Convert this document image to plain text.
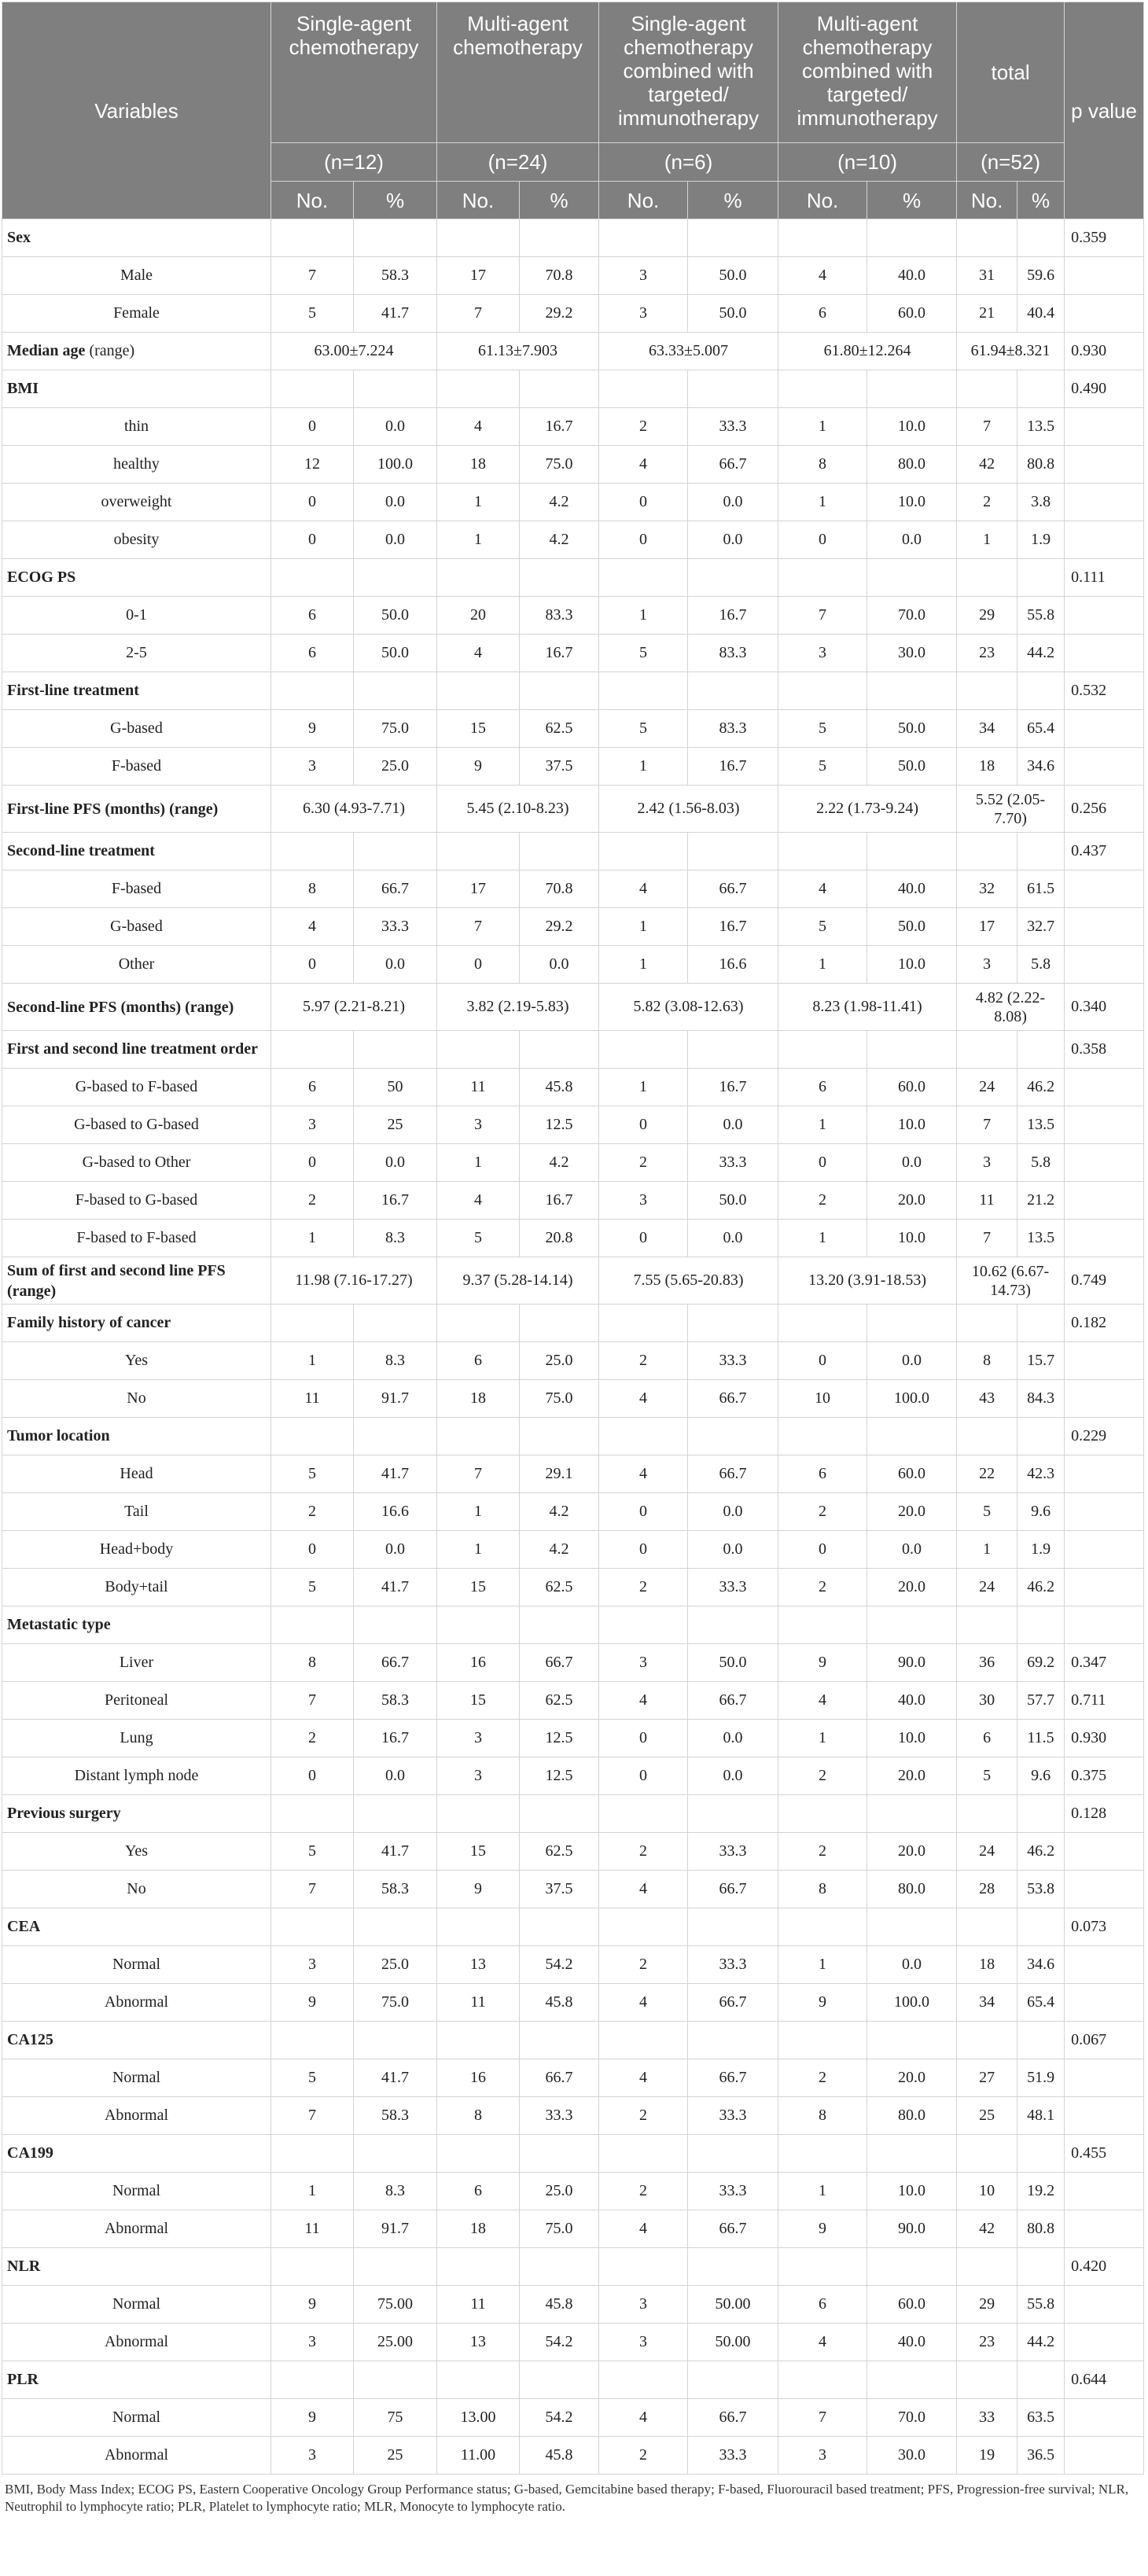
Variables	Single-agent chemotherapy		Multi-agent chemotherapy		Single-agent chemotherapy combined with targeted/ immunotherapy		Multi-agent chemotherapy combined with targeted/ immunotherapy		total		p value
	(n=12)		(n=24)		(n=6)		(n=10)		(n=52)		
	No.	%	No.	%	No.	%	No.	%	No.	%	
Sex											0.359
Male	7	58.3	17	70.8	3	50.0	4	40.0	31	59.6	
Female	5	41.7	7	29.2	3	50.0	6	60.0	21	40.4	
Median age (range)	63.00±7.224		61.13±7.903		63.33±5.007		61.80±12.264		61.94±8.321		0.930
BMI											0.490
thin	0	0.0	4	16.7	2	33.3	1	10.0	7	13.5	
healthy	12	100.0	18	75.0	4	66.7	8	80.0	42	80.8	
overweight	0	0.0	1	4.2	0	0.0	1	10.0	2	3.8	
obesity	0	0.0	1	4.2	0	0.0	0	0.0	1	1.9	
ECOG PS											0.111
0-1	6	50.0	20	83.3	1	16.7	7	70.0	29	55.8	
2-5	6	50.0	4	16.7	5	83.3	3	30.0	23	44.2	
First-line treatment											0.532
G-based	9	75.0	15	62.5	5	83.3	5	50.0	34	65.4	
F-based	3	25.0	9	37.5	1	16.7	5	50.0	18	34.6	
First-line PFS (months) (range)	6.30 (4.93-7.71)		5.45 (2.10-8.23)		2.42 (1.56-8.03)		2.22 (1.73-9.24)		5.52 (2.05-7.70)		0.256
Second-line treatment											0.437
F-based	8	66.7	17	70.8	4	66.7	4	40.0	32	61.5	
G-based	4	33.3	7	29.2	1	16.7	5	50.0	17	32.7	
Other	0	0.0	0	0.0	1	16.6	1	10.0	3	5.8	
Second-line PFS (months) (range)	5.97 (2.21-8.21)		3.82 (2.19-5.83)		5.82 (3.08-12.63)		8.23 (1.98-11.41)		4.82 (2.22-8.08)		0.340
First and second line treatment order											0.358
G-based to F-based	6	50	11	45.8	1	16.7	6	60.0	24	46.2	
G-based to G-based	3	25	3	12.5	0	0.0	1	10.0	7	13.5	
G-based to Other	0	0.0	1	4.2	2	33.3	0	0.0	3	5.8	
F-based to G-based	2	16.7	4	16.7	3	50.0	2	20.0	11	21.2	
F-based to F-based	1	8.3	5	20.8	0	0.0	1	10.0	7	13.5	
Sum of first and second line PFS (range)	11.98 (7.16-17.27)		9.37 (5.28-14.14)		7.55 (5.65-20.83)		13.20 (3.91-18.53)		10.62 (6.67-14.73)		0.749
Family history of cancer											0.182
Yes	1	8.3	6	25.0	2	33.3	0	0.0	8	15.7	
No	11	91.7	18	75.0	4	66.7	10	100.0	43	84.3	
Tumor location											0.229
Head	5	41.7	7	29.1	4	66.7	6	60.0	22	42.3	
Tail	2	16.6	1	4.2	0	0.0	2	20.0	5	9.6	
Head+body	0	0.0	1	4.2	0	0.0	0	0.0	1	1.9	
Body+tail	5	41.7	15	62.5	2	33.3	2	20.0	24	46.2	
Metastatic type											
Liver	8	66.7	16	66.7	3	50.0	9	90.0	36	69.2	0.347
Peritoneal	7	58.3	15	62.5	4	66.7	4	40.0	30	57.7	0.711
Lung	2	16.7	3	12.5	0	0.0	1	10.0	6	11.5	0.930
Distant lymph node	0	0.0	3	12.5	0	0.0	2	20.0	5	9.6	0.375
Previous surgery											0.128
Yes	5	41.7	15	62.5	2	33.3	2	20.0	24	46.2	
No	7	58.3	9	37.5	4	66.7	8	80.0	28	53.8	
CEA											0.073
Normal	3	25.0	13	54.2	2	33.3	1	0.0	18	34.6	
Abnormal	9	75.0	11	45.8	4	66.7	9	100.0	34	65.4	
CA125											0.067
Normal	5	41.7	16	66.7	4	66.7	2	20.0	27	51.9	
Abnormal	7	58.3	8	33.3	2	33.3	8	80.0	25	48.1	
CA199											0.455
Normal	1	8.3	6	25.0	2	33.3	1	10.0	10	19.2	
Abnormal	11	91.7	18	75.0	4	66.7	9	90.0	42	80.8	
NLR											0.420
Normal	9	75.00	11	45.8	3	50.00	6	60.0	29	55.8	
Abnormal	3	25.00	13	54.2	3	50.00	4	40.0	23	44.2	
PLR											0.644
Normal	9	75	13.00	54.2	4	66.7	7	70.0	33	63.5	
Abnormal	3	25	11.00	45.8	2	33.3	3	30.0	19	36.5	
BMI, Body Mass Index; ECOG PS, Eastern Cooperative Oncology Group Performance status; G-based, Gemcitabine based therapy; F-based, Fluorouracil based treatment; PFS, Progression-free survival; NLR, Neutrophil to lymphocyte ratio; PLR, Platelet to lymphocyte ratio; MLR, Monocyte to lymphocyte ratio.
